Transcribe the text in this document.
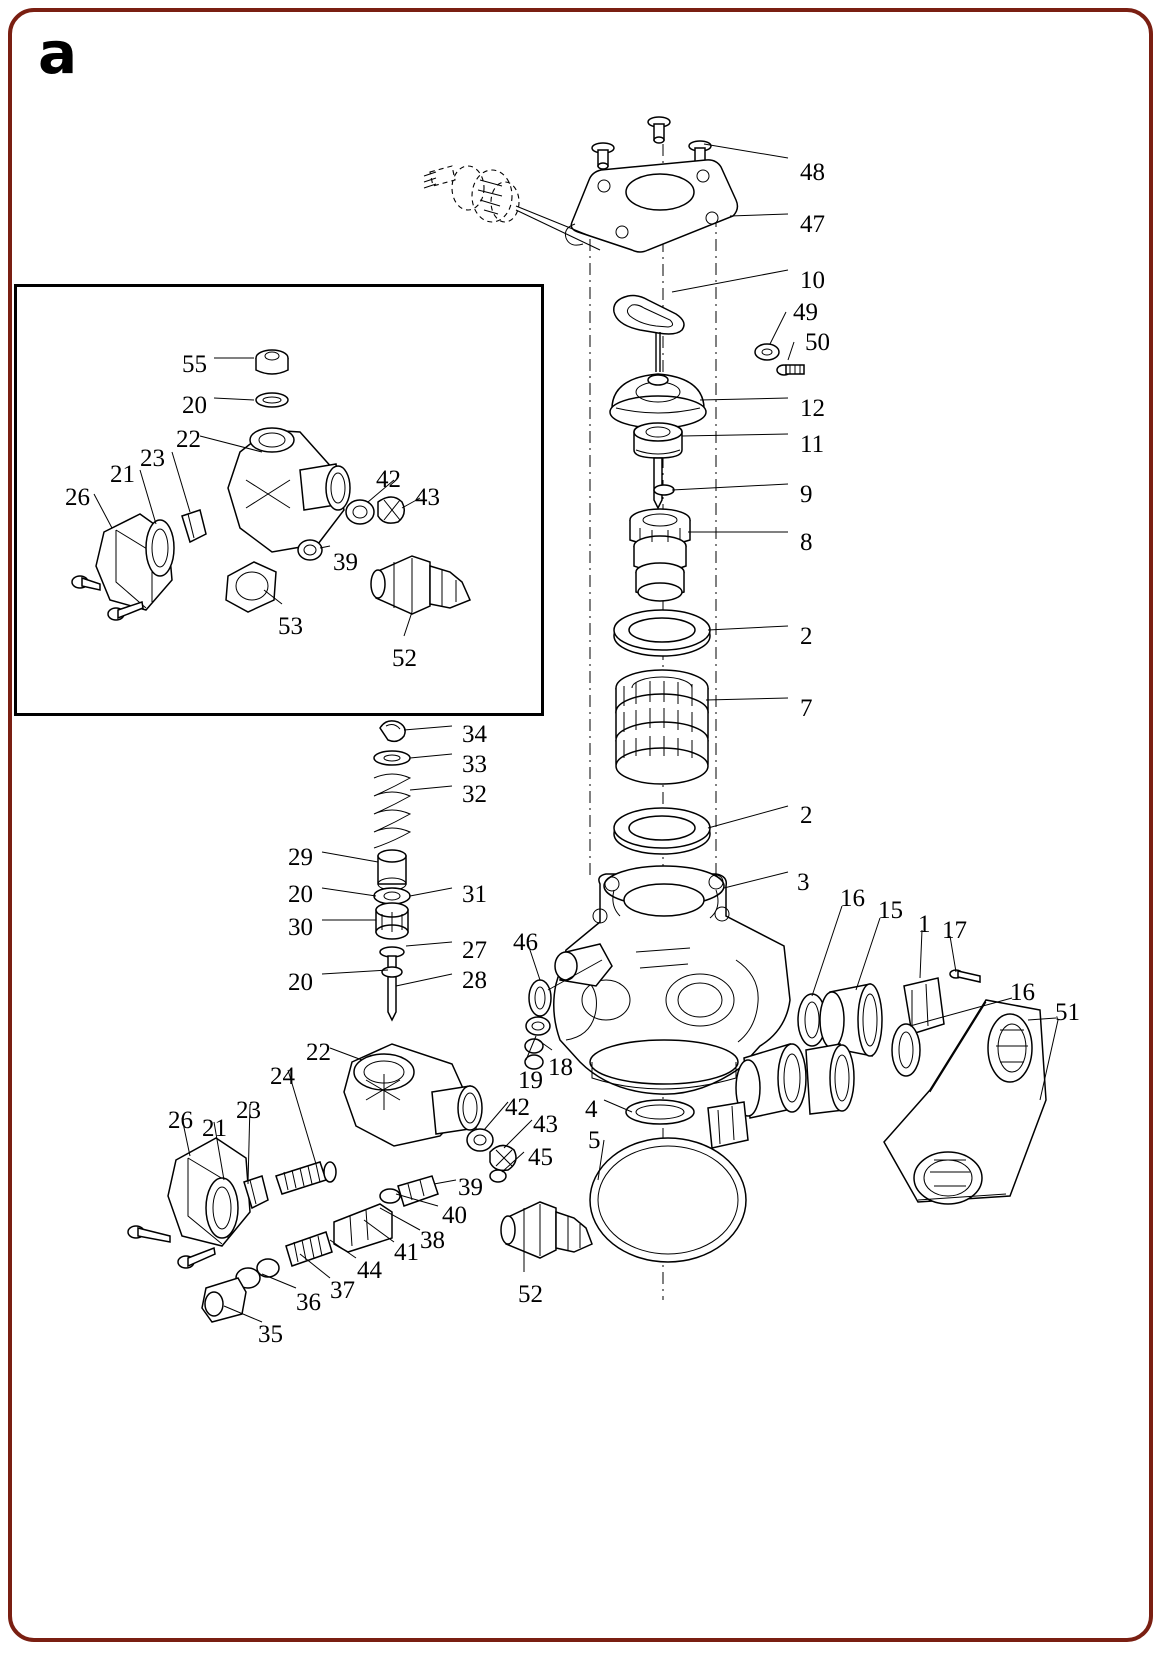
a
48
47
10
49
50
12
11
9
8
2
7
2
3
16 15
1 17
16
51
46
19 18
4
5
34
33
32
29
20	31
30
27
20	28
22
24
23
21
26	42
43
45
39
40
38
41
44
37
36
35
52
55
20
22
23
21
26
42
43
39
53
52
